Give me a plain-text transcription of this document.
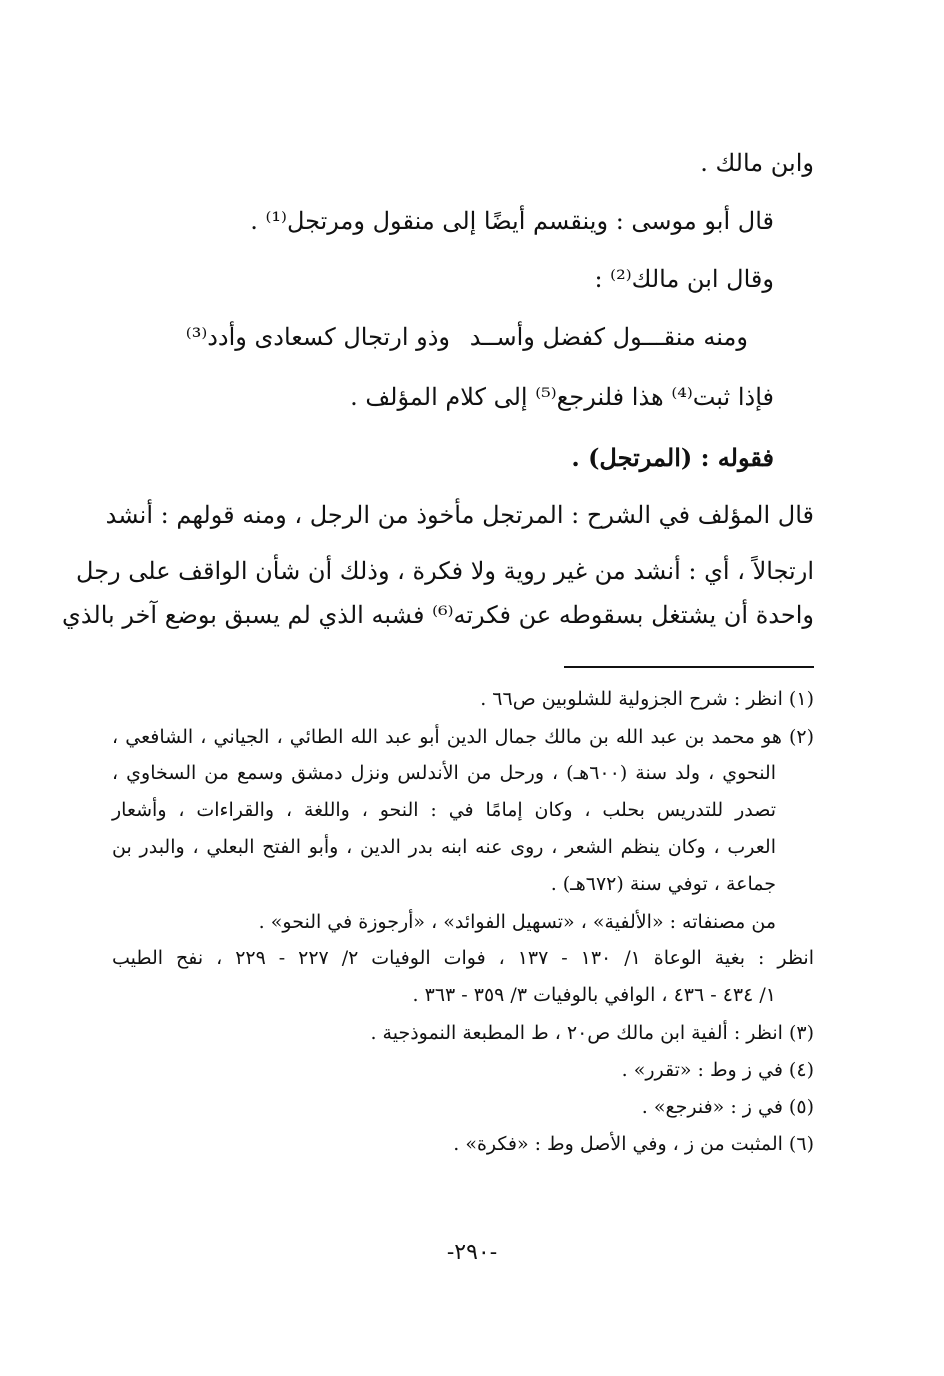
وابن مالك .
قال أبو موسى : وينقسم أيضًا إلى منقول ومرتجل⁽¹⁾ .
وقال ابن مالك⁽²⁾ :
ومنه منقـــول كفضل وأســد
وذو ارتجال كسعادى وأدد⁽³⁾
فإذا ثبت⁽⁴⁾ هذا فلنرجع⁽⁵⁾ إلى كلام المؤلف .
فقوله : (المرتجل) .
قال المؤلف في الشرح : المرتجل مأخوذ من الرجل ، ومنه قولهم : أنشد
ارتجالاً ، أي : أنشد من غير روية ولا فكرة ، وذلك أن شأن الواقف على رجل
واحدة أن يشتغل بسقوطه عن فكرته⁽⁶⁾ فشبه الذي لم يسبق بوضع آخر بالذي
(١) انظر : شرح الجزولية للشلوبين ص٦٦ .
(٢) هو محمد بن عبد الله بن مالك جمال الدين أبو عبد الله الطائي ، الجياني ، الشافعي ،
النحوي ، ولد سنة (٦٠٠هـ) ، ورحل من الأندلس ونزل دمشق وسمع من السخاوي ،
تصدر للتدريس بحلب ، وكان إمامًا في : النحو ، واللغة ، والقراءات ، وأشعار
العرب ، وكان ينظم الشعر ، روى عنه ابنه بدر الدين ، وأبو الفتح البعلي ، والبدر بن
جماعة ، توفي سنة (٦٧٢هـ) .
من مصنفاته : «الألفية» ، «تسهيل الفوائد» ، «أرجوزة في النحو» .
انظر : بغية الوعاة ١/ ١٣٠ - ١٣٧ ، فوات الوفيات ٢/ ٢٢٧ - ٢٢٩ ، نفح الطيب
١/ ٤٣٤ - ٤٣٦ ، الوافي بالوفيات ٣/ ٣٥٩ - ٣٦٣ .
(٣) انظر : ألفية ابن مالك ص٢٠ ، ط المطبعة النموذجية .
(٤) في ز وط : «تقرر» .
(٥) في ز : «فنرجع» .
(٦) المثبت من ز ، وفي الأصل وط : «فكرة» .
-٢٩٠-
